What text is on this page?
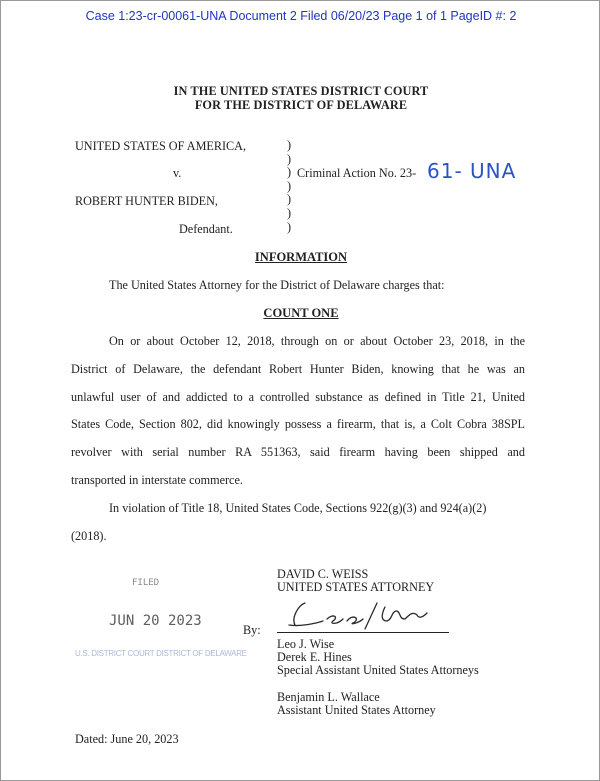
Case 1:23-cr-00061-UNA Document 2 Filed 06/20/23 Page 1 of 1 PageID #: 2
IN THE UNITED STATES DISTRICT COURT
FOR THE DISTRICT OF DELAWARE
UNITED STATES OF AMERICA,
v.
ROBERT HUNTER BIDEN,
Defendant.
)
)
)
)
)
)
)
Criminal Action No. 23- 61- UNA
INFORMATION
The United States Attorney for the District of Delaware charges that:
COUNT ONE
On or about October 12, 2018, through on or about October 23, 2018, in the
District of Delaware, the defendant Robert Hunter Biden, knowing that he was an
unlawful user of and addicted to a controlled substance as defined in Title 21, United
States Code, Section 802, did knowingly possess a firearm, that is, a Colt Cobra 38SPL
revolver with serial number RA 551363, said firearm having been shipped and
transported in interstate commerce.
In violation of Title 18, United States Code, Sections 922(g)(3) and 924(a)(2)
(2018).
DAVID C. WEISS
UNITED STATES ATTORNEY
FILED
JUN 20 2023
U.S. DISTRICT COURT DISTRICT OF DELAWARE
By:
Leo J. Wise
Derek E. Hines
Special Assistant United States Attorneys
Benjamin L. Wallace
Assistant United States Attorney
Dated: June 20, 2023
